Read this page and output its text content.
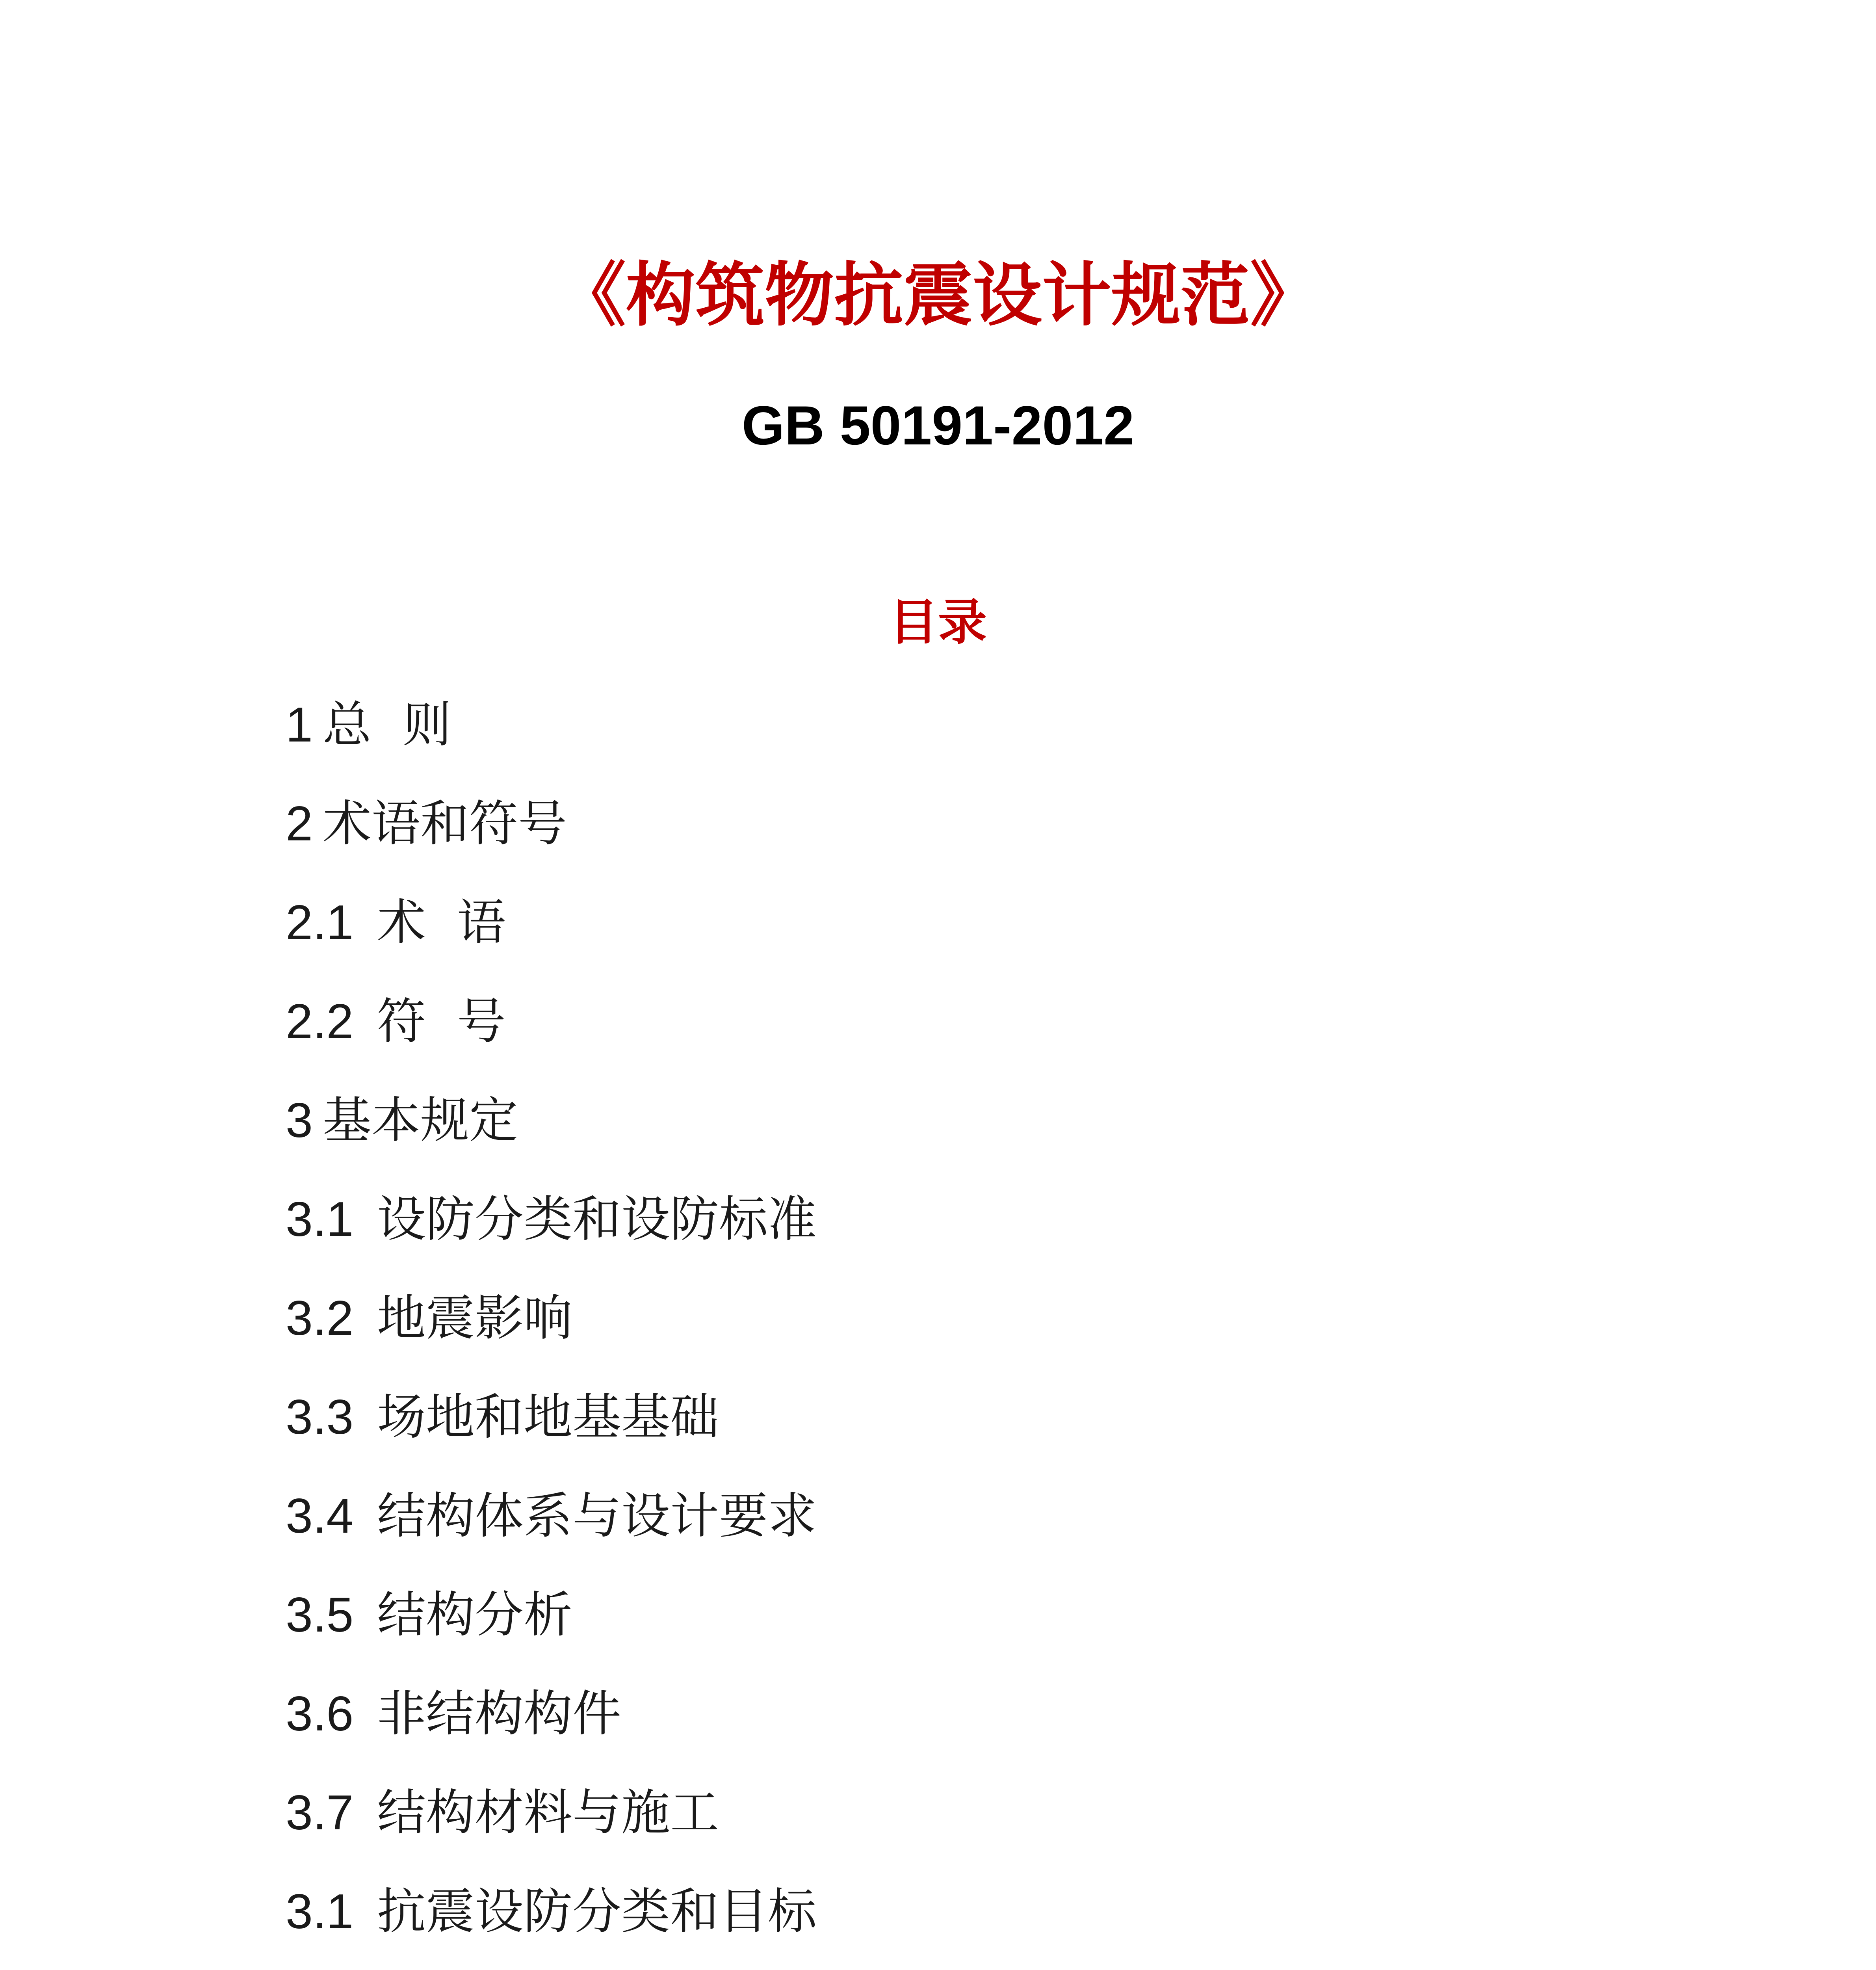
《构筑物抗震设计规范》
GB 50191-2012
目录
1 总  则
2 术语和符号
2.1 术  语
2.2 符  号
3 基本规定
3.1 设防分类和设防标准
3.2 地震影响
3.3 场地和地基基础
3.4 结构体系与设计要求
3.5 结构分析
3.6 非结构构件
3.7 结构材料与施工
3.1 抗震设防分类和目标
